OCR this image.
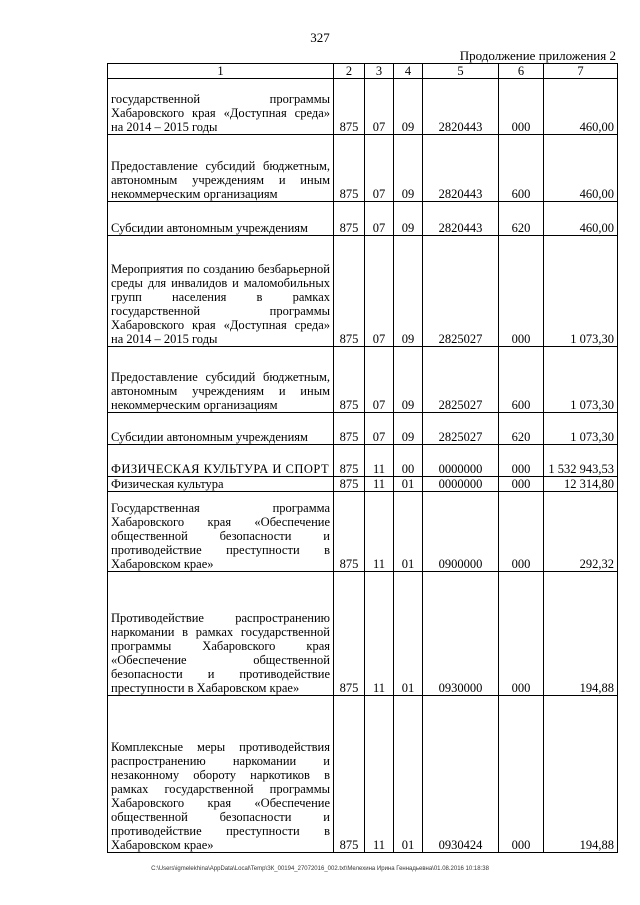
327
Продолжение приложения 2
1	2	3	4	5	6	7
государственной программы Хабаровского края «Доступная среда» на 2014 – 2015 годы	875	07	09	2820443	000	460,00
Предоставление субсидий бюджетным, автономным учреждениям и иным некоммерческим организациям	875	07	09	2820443	600	460,00
Субсидии автономным учреждениям	875	07	09	2820443	620	460,00
Мероприятия по созданию безбарьерной среды для инвалидов и маломобильных групп населения в рамках государственной программы Хабаровского края «Доступная среда» на 2014 – 2015 годы	875	07	09	2825027	000	1 073,30
Предоставление субсидий бюджетным, автономным учреждениям и иным некоммерческим организациям	875	07	09	2825027	600	1 073,30
Субсидии автономным учреждениям	875	07	09	2825027	620	1 073,30
ФИЗИЧЕСКАЯ КУЛЬТУРА И СПОРТ	875	11	00	0000000	000	1 532 943,53
Физическая культура	875	11	01	0000000	000	12 314,80
Государственная программа Хабаровского края «Обеспечение общественной безопасности и противодействие преступности в Хабаровском крае»	875	11	01	0900000	000	292,32
Противодействие распространению наркомании в рамках государственной программы Хабаровского края «Обеспечение общественной безопасности и противодействие преступности в Хабаровском крае»	875	11	01	0930000	000	194,88
Комплексные меры противодействия распространению наркомании и незаконному обороту наркотиков в рамках государственной программы Хабаровского края «Обеспечение общественной безопасности и противодействие преступности в Хабаровском крае»	875	11	01	0930424	000	194,88
C:\Users\igmelekhina\AppData\Local\Temp\ЗК_00194_27072016_002.txt\Мелехина Ирина Геннадьевна\01.08.2016 10:18:38
